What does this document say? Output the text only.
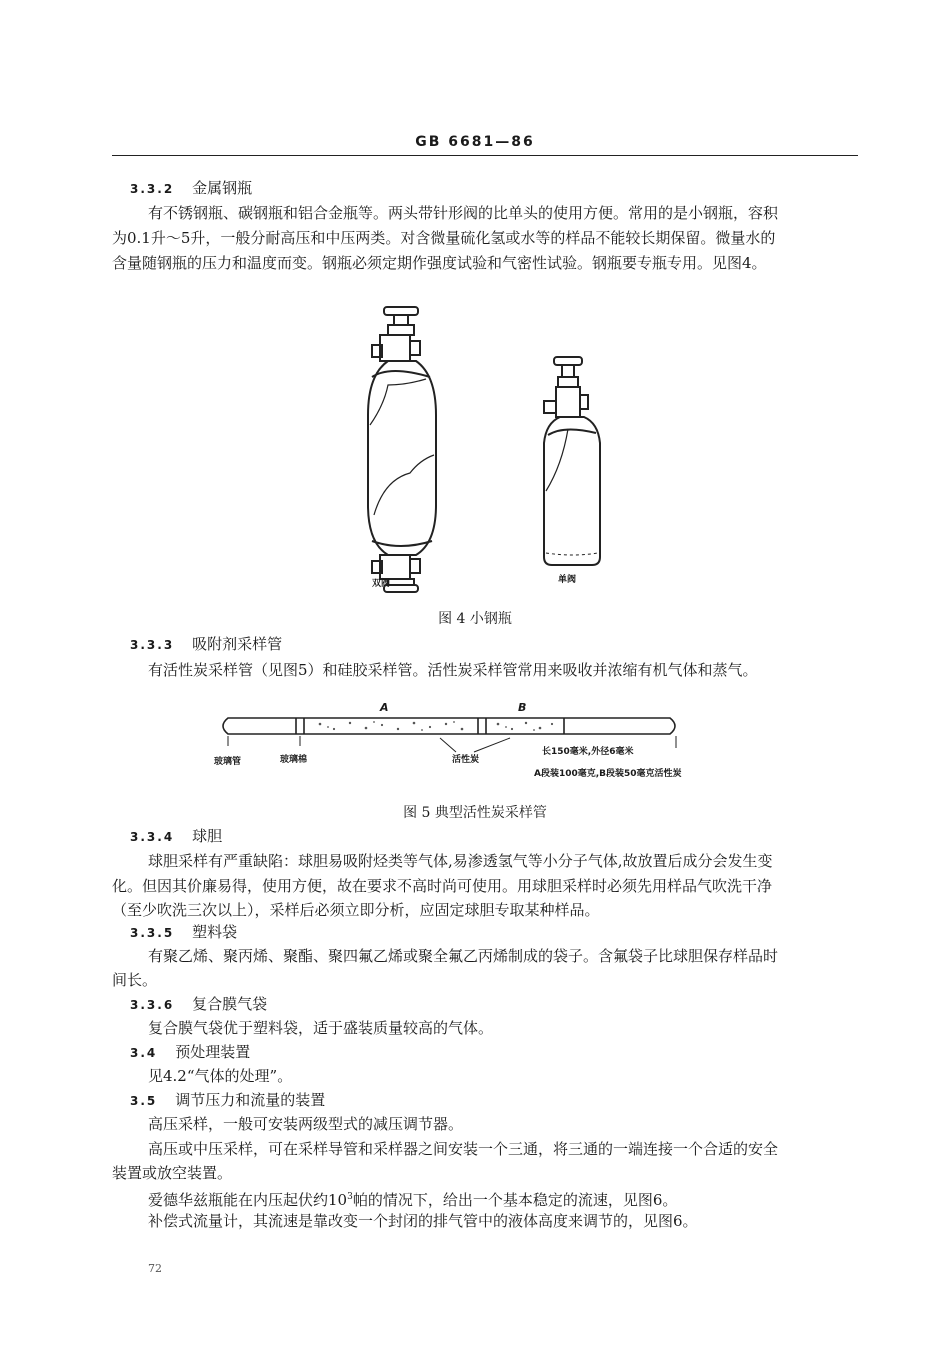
GB 6681—86
3.3.2 金属钢瓶
有不锈钢瓶、碳钢瓶和铝合金瓶等。两头带针形阀的比单头的使用方便。常用的是小钢瓶，容积
为0.1升～5升，一般分耐高压和中压两类。对含微量硫化氢或水等的样品不能较长期保留。微量水的
含量随钢瓶的压力和温度而变。钢瓶必须定期作强度试验和气密性试验。钢瓶要专瓶专用。见图4。
双阀	单阀
图 4 小钢瓶
3.3.3 吸附剂采样管
有活性炭采样管（见图5）和硅胶采样管。活性炭采样管常用来吸收并浓缩有机气体和蒸气。
A	B
玻璃管	玻璃棉	活性炭
长150毫米,外径6毫米
A段装100毫克,B段装50毫克活性炭
图 5 典型活性炭采样管
3.3.4 球胆
球胆采样有严重缺陷：球胆易吸附烃类等气体,易渗透氢气等小分子气体,故放置后成分会发生变
化。但因其价廉易得，使用方便，故在要求不高时尚可使用。用球胆采样时必须先用样品气吹洗干净
（至少吹洗三次以上），采样后必须立即分析，应固定球胆专取某种样品。
3.3.5 塑料袋
有聚乙烯、聚丙烯、聚酯、聚四氟乙烯或聚全氟乙丙烯制成的袋子。含氟袋子比球胆保存样品时
间长。
3.3.6 复合膜气袋
复合膜气袋优于塑料袋，适于盛装质量较高的气体。
3.4 预处理装置
见4.2“气体的处理”。
3.5 调节压力和流量的装置
高压采样，一般可安装两级型式的减压调节器。
高压或中压采样，可在采样导管和采样器之间安装一个三通，将三通的一端连接一个合适的安全
装置或放空装置。
爱德华兹瓶能在内压起伏约$10^3$帕的情况下，给出一个基本稳定的流速，见图6。
补偿式流量计，其流速是靠改变一个封闭的排气管中的液体高度来调节的，见图6。
72
